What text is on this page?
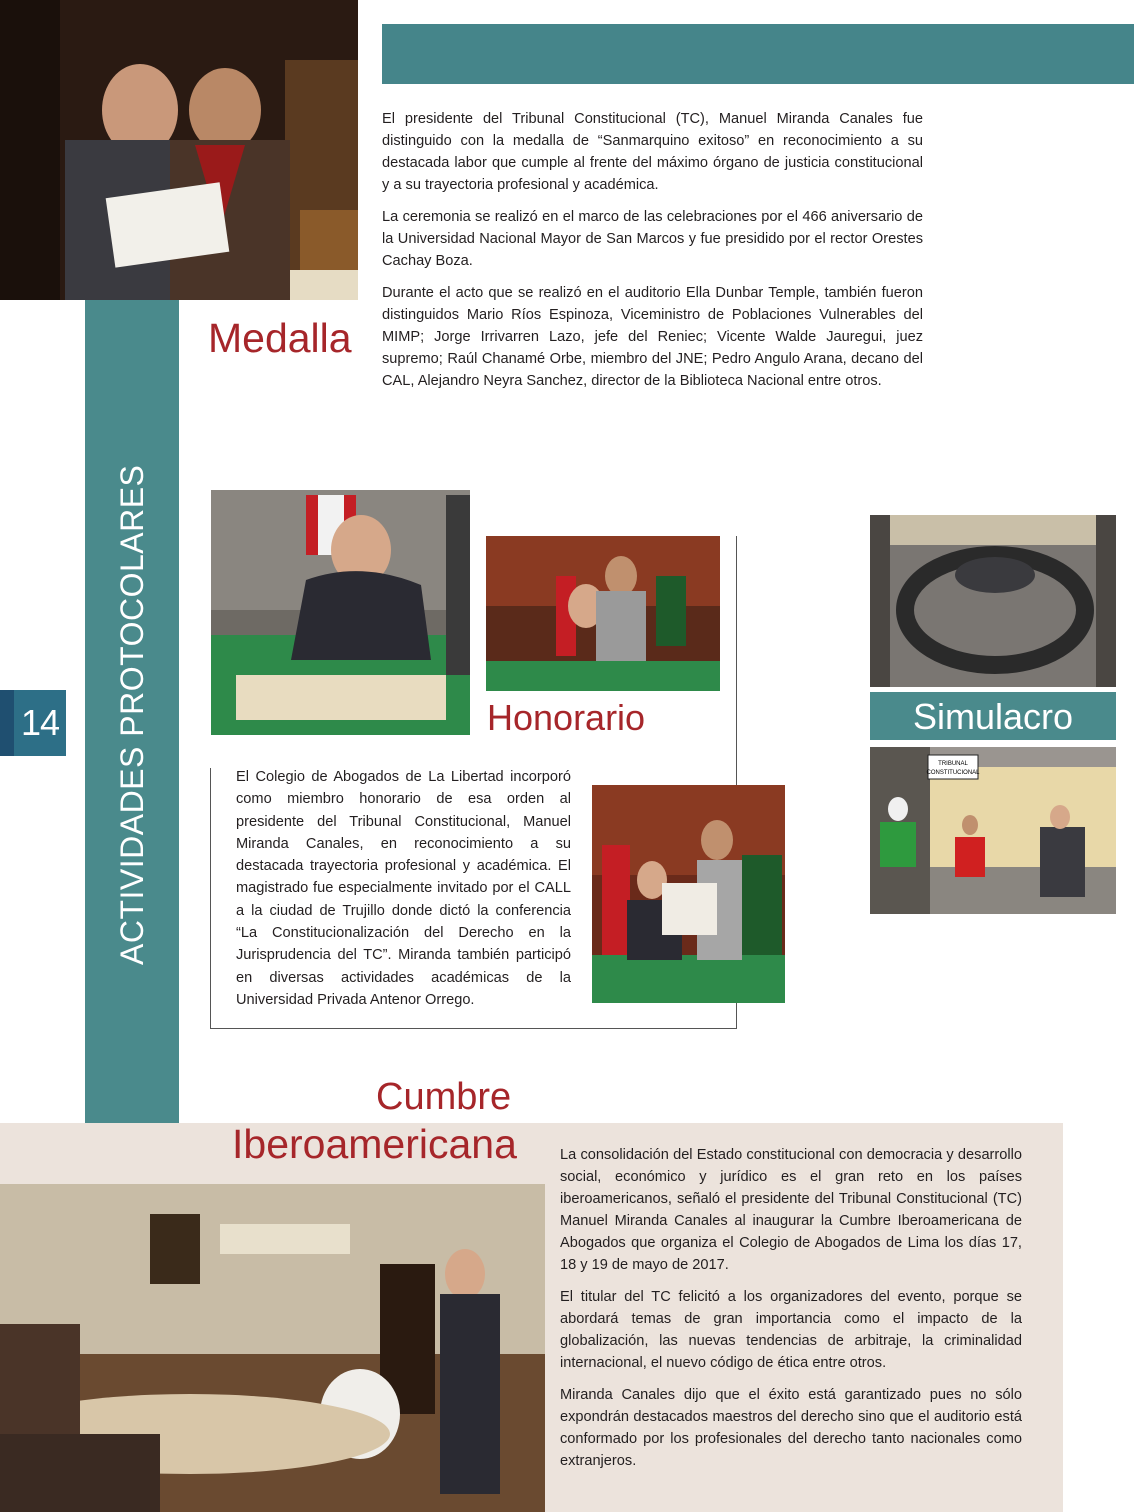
ACTIVIDADES PROTOCOLARES
14
Medalla

El presidente del Tribunal Constitucional (TC), Manuel Miranda Canales fue distinguido con la medalla de “Sanmarquino exitoso” en reconocimiento a su destacada labor que cumple al frente del máximo órgano de justicia constitucional y a su trayectoria profesional y académica.

La ceremonia se realizó en el marco de las celebraciones por el 466 aniversario de la Universidad Nacional Mayor de San Marcos y fue presidido por el rector Orestes Cachay Boza.

Durante el acto que se realizó en el auditorio Ella Dunbar Temple, también fueron distinguidos Mario Ríos Espinoza, Viceministro de Poblaciones Vulnerables del MIMP; Jorge Irrivarren Lazo, jefe del Reniec; Vicente Walde Jauregui, juez supremo; Raúl Chanamé Orbe, miembro del JNE; Pedro Angulo Arana, decano del CAL, Alejandro Neyra Sanchez, director de la Biblioteca Nacional entre otros.

Honorario
El Colegio de Abogados de La Libertad incorporó como miembro honorario de esa orden al presidente del Tribunal Constitucional, Manuel Miranda Canales, en reconocimiento a su destacada trayectoria profesional y académica. El magistrado fue especialmente invitado por el CALL a la ciudad de Trujillo donde dictó la conferencia “La Constitucionalización del Derecho en la Jurisprudencia del TC”. Miranda también participó en diversas actividades académicas de la Universidad Privada Antenor Orrego.
Simulacro
TRIBUNAL
CONSTITUCIONAL
Cumbre
Iberoamericana	La consolidación del Estado constitucional con democracia y desarrollo social, económico y jurídico es el gran reto en los países iberoamericanos, señaló el presidente del Tribunal Constitucional (TC) Manuel Miranda Canales al inaugurar la Cumbre Iberoamericana de Abogados que organiza el Colegio de Abogados de Lima los días 17, 18 y 19 de mayo de 2017.

El titular del TC felicitó a los organizadores del evento, porque se abordará temas de gran importancia como el impacto de la globalización, las nuevas tendencias de arbitraje, la criminalidad internacional, el nuevo código de ética entre otros.

Miranda Canales dijo que el éxito está garantizado pues no sólo expondrán destacados maestros del derecho sino que el auditorio está conformado por los profesionales del derecho tanto nacionales como extranjeros.
